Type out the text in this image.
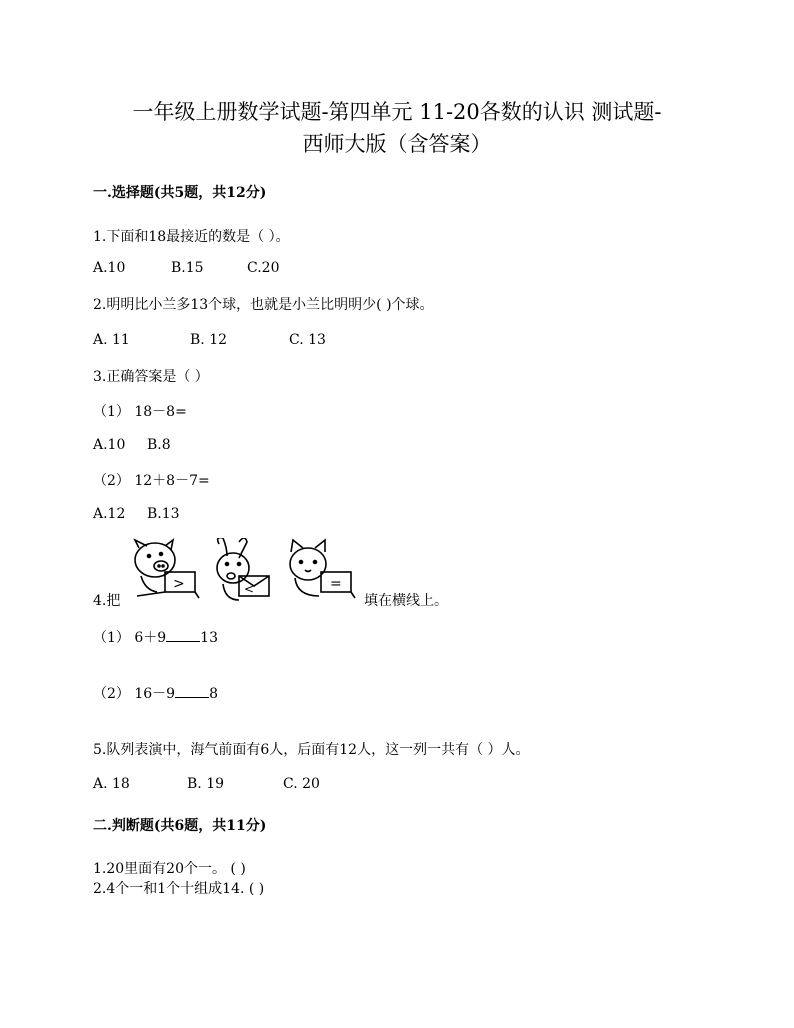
一年级上册数学试题-第四单元 11-20各数的认识 测试题-
西师大版（含答案）
一.选择题(共5题，共12分)
1.下面和18最接近的数是（ ）。
A.10	B.15	C.20
2.明明比小兰多13个球，也就是小兰比明明少( )个球。
A. 11	B. 12	C. 13
3.正确答案是（ ）
（1） 18－8=
A.10 B.8
（2） 12＋8－7=
A.12 B.13
4.把
>	<	=
填在横线上。
（1） 6＋9 13
（2） 16－9 8
5.队列表演中，海气前面有6人，后面有12人，这一列一共有（ ）人。
A. 18	B. 19	C. 20
二.判断题(共6题，共11分)
1.20里面有20个一。 ( )
2.4个一和1个十组成14. ( )
